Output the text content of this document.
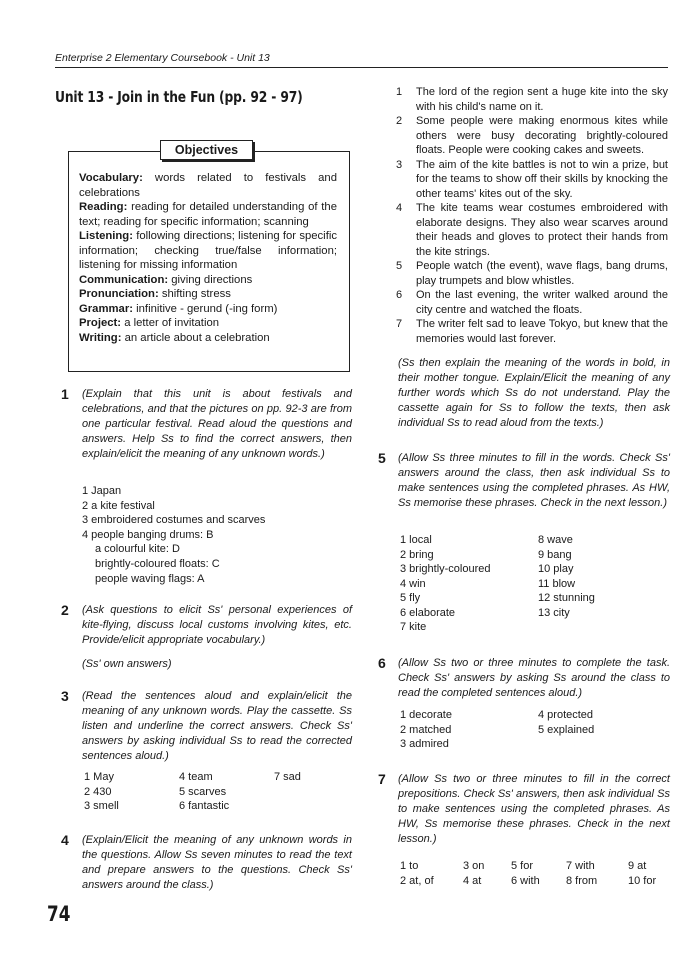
Enterprise 2 Elementary Coursebook - Unit 13
Unit 13 - Join in the Fun (pp. 92 - 97)
Objectives

Vocabulary: words related to festivals and celebrations

Reading: reading for detailed understanding of the text; reading for specific information; scanning

Listening: following directions; listening for specific information; checking true/false information; listening for missing information

Communication: giving directions

Pronunciation: shifting stress

Grammar: infinitive - gerund (-ing form)

Project: a letter of invitation

Writing: an article about a celebration

1 (Explain that this unit is about festivals and celebrations, and that the pictures on pp. 92-3 are from one particular festival. Read aloud the questions and answers. Help Ss to find the correct answers, then explain/elicit the meaning of any unknown words.)
1 Japan
2 a kite festival
3 embroidered costumes and scarves
4 people banging drums: B
a colourful kite: D
brightly-coloured floats: C
people waving flags: A
2 (Ask questions to elicit Ss' personal experiences of kite-flying, discuss local customs involving kites, etc. Provide/elicit appropriate vocabulary.)
(Ss' own answers)
3 (Read the sentences aloud and explain/elicit the meaning of any unknown words. Play the cassette. Ss listen and underline the correct answers. Check Ss' answers by asking individual Ss to read the corrected sentences aloud.)
1 May	4 team	7 sad
2 430	5 scarves
3 smell	6 fantastic
4 (Explain/Elicit the meaning of any unknown words in the questions. Allow Ss seven minutes to read the text and prepare answers to the questions. Check Ss' answers around the class.)
1 The lord of the region sent a huge kite into the sky with his child's name on it.
2 Some people were making enormous kites while others were busy decorating brightly-coloured floats. People were cooking cakes and sweets.
3 The aim of the kite battles is not to win a prize, but for the teams to show off their skills by knocking the other teams' kites out of the sky.
4 The kite teams wear costumes embroidered with elaborate designs. They also wear scarves around their heads and gloves to protect their hands from the kite strings.
5 People watch (the event), wave flags, bang drums, play trumpets and blow whistles.
6 On the last evening, the writer walked around the city centre and watched the floats.
7 The writer felt sad to leave Tokyo, but knew that the memories would last forever.
(Ss then explain the meaning of the words in bold, in their mother tongue. Explain/Elicit the meaning of any further words which Ss do not understand. Play the cassette again for Ss to follow the texts, then ask individual Ss to read aloud from the texts.)
5 (Allow Ss three minutes to fill in the words. Check Ss' answers around the class, then ask individual Ss to make sentences using the completed phrases. As HW, Ss memorise these phrases. Check in the next lesson.)
1 local	8 wave
2 bring	9 bang
3 brightly-coloured	10 play
4 win	11 blow
5 fly	12 stunning
6 elaborate	13 city
7 kite
6 (Allow Ss two or three minutes to complete the task. Check Ss' answers by asking Ss around the class to read the completed sentences aloud.)
1 decorate	4 protected
2 matched	5 explained
3 admired
7 (Allow Ss two or three minutes to fill in the correct prepositions. Check Ss' answers, then ask individual Ss to make sentences using the completed phrases. As HW, Ss memorise these phrases. Check in the next lesson.)
1 to	3 on	5 for	7 with	9 at
2 at, of	4 at	6 with	8 from	10 for
74
